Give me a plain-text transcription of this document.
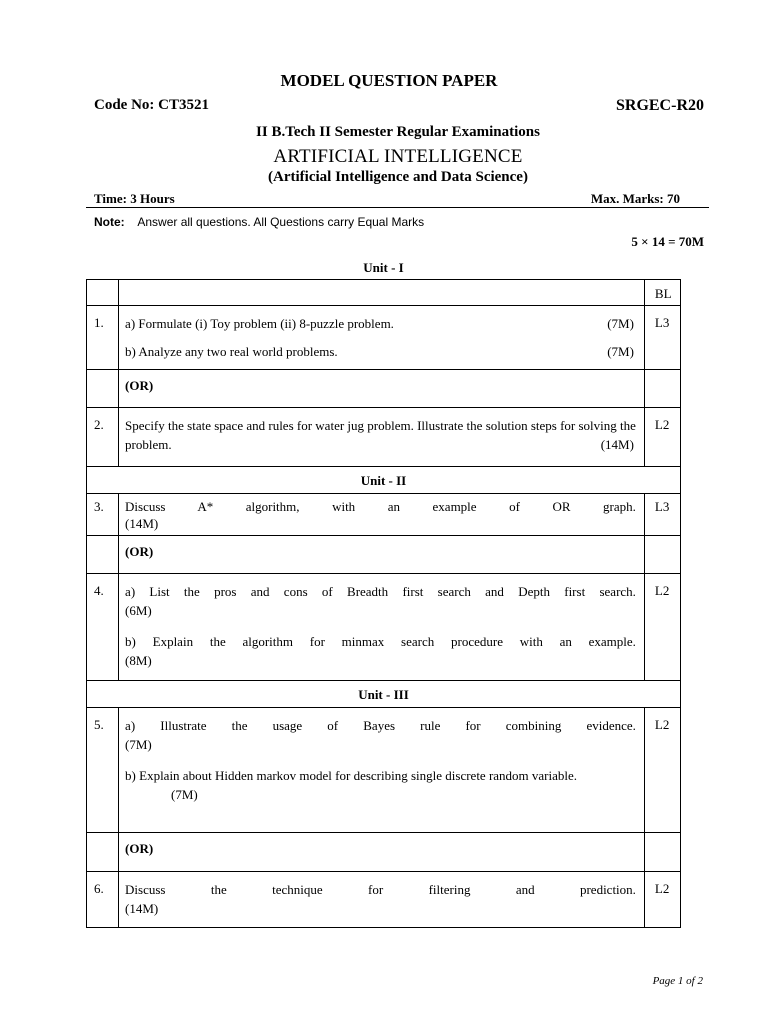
MODEL QUESTION PAPER
Code No: CT3521	SRGEC-R20
II B.Tech II Semester Regular Examinations
ARTIFICIAL INTELLIGENCE
(Artificial Intelligence and Data Science)
Time: 3 Hours	Max. Marks: 70
Note: Answer all questions. All Questions carry Equal Marks
5 × 14 = 70M
Unit - I
		BL
1.	a) Formulate (i) Toy problem (ii) 8-puzzle problem. (7M)

b) Analyze any two real world problems. (7M)	L3
	(OR)	
2.	Specify the state space and rules for water jug problem. Illustrate the solution steps for solving the problem. (14M)	L2
Unit - II		
3.	Discuss A* algorithm, with an example of OR graph.
(14M)	L3
	(OR)	
4.	a) List the pros and cons of Breadth first search and Depth first search.
(6M)

b) Explain the algorithm for minmax search procedure with an example.
(8M)	L2
Unit - III		
5.	a) Illustrate the usage of Bayes rule for combining evidence.
(7M)

b) Explain about Hidden markov model for describing single discrete random variable.
(7M)	L2
	(OR)	
6.	Discuss the technique for filtering and prediction.
(14M)	L2
Page 1 of 2
